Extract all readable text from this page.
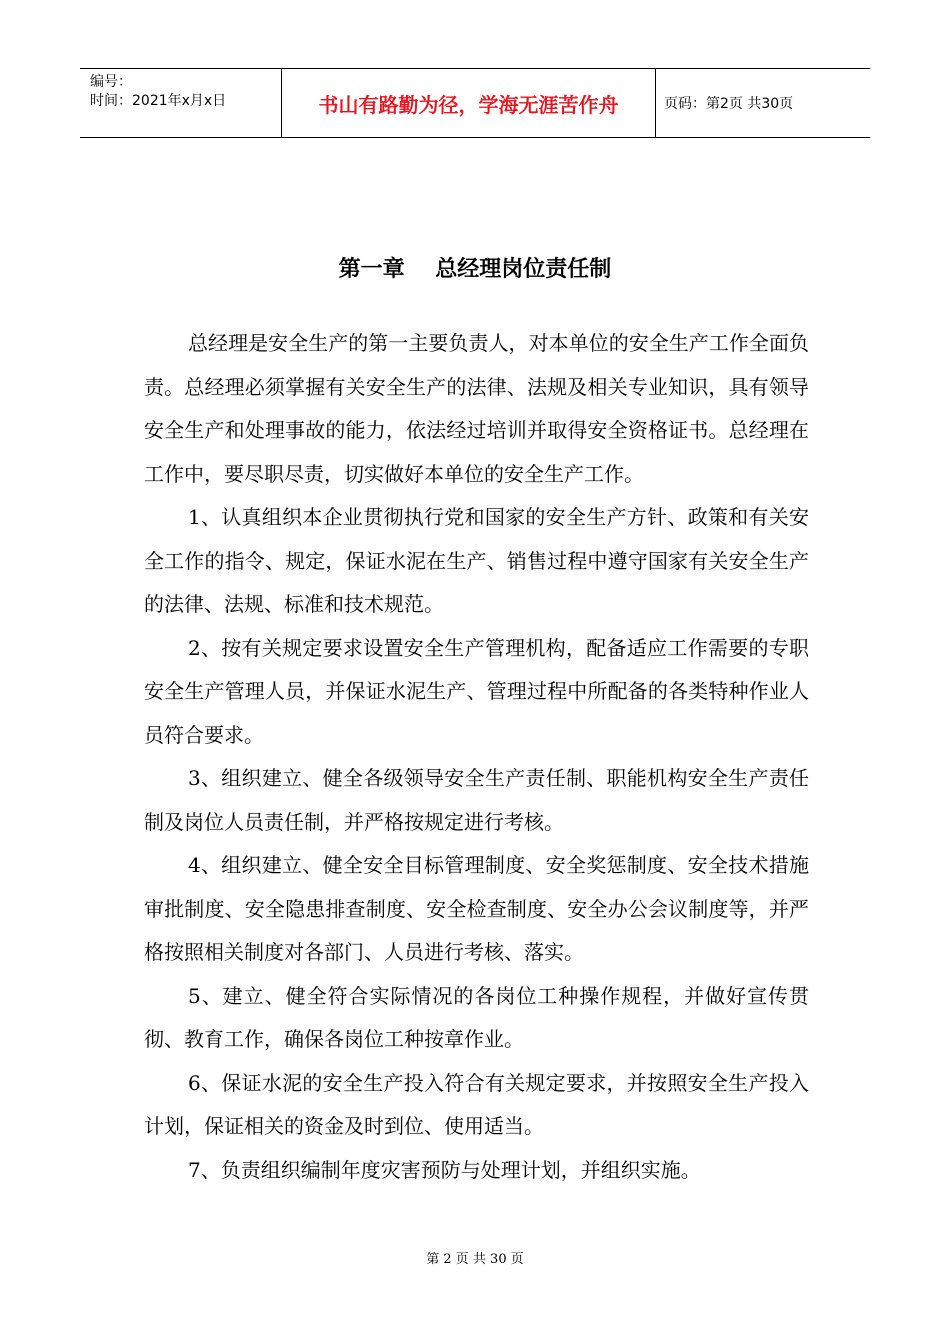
编号：
时间：2021年x月x日	书山有路勤为径，学海无涯苦作舟	页码：第2页 共30页
第一章    总经理岗位责任制

总经理是安全生产的第一主要负责人，对本单位的安全生产工作全面负责。总经理必须掌握有关安全生产的法律、法规及相关专业知识，具有领导安全生产和处理事故的能力，依法经过培训并取得安全资格证书。总经理在工作中，要尽职尽责，切实做好本单位的安全生产工作。

1、认真组织本企业贯彻执行党和国家的安全生产方针、政策和有关安全工作的指令、规定，保证水泥在生产、销售过程中遵守国家有关安全生产的法律、法规、标准和技术规范。

2、按有关规定要求设置安全生产管理机构，配备适应工作需要的专职安全生产管理人员，并保证水泥生产、管理过程中所配备的各类特种作业人员符合要求。

3、组织建立、健全各级领导安全生产责任制、职能机构安全生产责任制及岗位人员责任制，并严格按规定进行考核。

4、组织建立、健全安全目标管理制度、安全奖惩制度、安全技术措施审批制度、安全隐患排查制度、安全检查制度、安全办公会议制度等，并严格按照相关制度对各部门、人员进行考核、落实。

5、建立、健全符合实际情况的各岗位工种操作规程，并做好宣传贯彻、教育工作，确保各岗位工种按章作业。

6、保证水泥的安全生产投入符合有关规定要求，并按照安全生产投入计划，保证相关的资金及时到位、使用适当。

7、负责组织编制年度灾害预防与处理计划，并组织实施。

第 2 页 共 30 页
